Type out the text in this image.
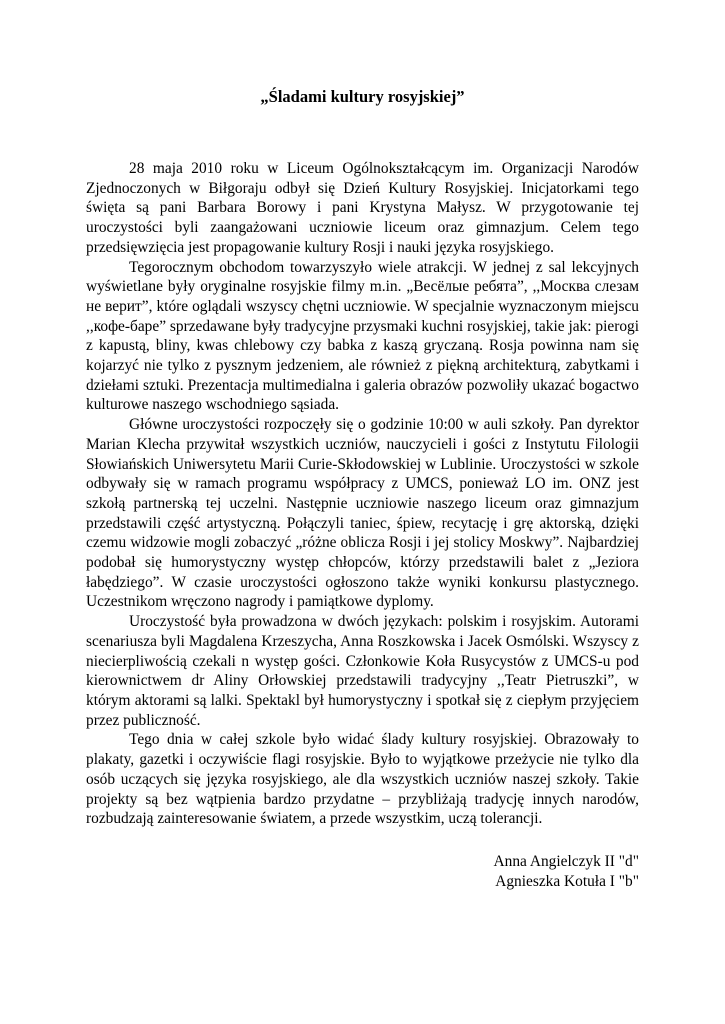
„Śladami kultury rosyjskiej”

28 maja 2010 roku w Liceum Ogólnokształcącym im. Organizacji Narodów Zjednoczonych w Biłgoraju odbył się Dzień Kultury Rosyjskiej. Inicjatorkami tego święta są pani Barbara Borowy i pani Krystyna Małysz. W przygotowanie tej uroczystości byli zaangażowani uczniowie liceum oraz gimnazjum. Celem tego przedsięwzięcia jest propagowanie kultury Rosji i nauki języka rosyjskiego.

Tegorocznym obchodom towarzyszyło wiele atrakcji. W jednej z sal lekcyjnych wyświetlane były oryginalne rosyjskie filmy m.in. „Весёлые ребята”, ,,Москва слезам не верит”, które oglądali wszyscy chętni uczniowie. W specjalnie wyznaczonym miejscu ,,кофе-баре” sprzedawane były tradycyjne przysmaki kuchni rosyjskiej, takie jak: pierogi z kapustą, bliny, kwas chlebowy czy babka z kaszą gryczaną. Rosja powinna nam się kojarzyć nie tylko z pysznym jedzeniem, ale również z piękną architekturą, zabytkami i dziełami sztuki. Prezentacja multimedialna i galeria obrazów pozwoliły ukazać bogactwo kulturowe naszego wschodniego sąsiada.

Główne uroczystości rozpoczęły się o godzinie 10:00 w auli szkoły. Pan dyrektor Marian Klecha przywitał wszystkich uczniów, nauczycieli i gości z Instytutu Filologii Słowiańskich Uniwersytetu Marii Curie-Skłodowskiej w Lublinie. Uroczystości w szkole odbywały się w ramach programu współpracy z UMCS, ponieważ LO im. ONZ jest szkołą partnerską tej uczelni. Następnie uczniowie naszego liceum oraz gimnazjum przedstawili część artystyczną. Połączyli taniec, śpiew, recytację i grę aktorską, dzięki czemu widzowie mogli zobaczyć „różne oblicza Rosji i jej stolicy Moskwy”. Najbardziej podobał się humorystyczny występ chłopców, którzy przedstawili balet z „Jeziora łabędziego”. W czasie uroczystości ogłoszono także wyniki konkursu plastycznego. Uczestnikom wręczono nagrody i pamiątkowe dyplomy.

Uroczystość była prowadzona w dwóch językach: polskim i rosyjskim. Autorami scenariusza byli Magdalena Krzeszycha, Anna Roszkowska i Jacek Osmólski. Wszyscy z niecierpliwością czekali n występ gości. Członkowie Koła Rusycystów z UMCS-u pod kierownictwem dr Aliny Orłowskiej przedstawili tradycyjny ,,Teatr Pietruszki”, w którym aktorami są lalki. Spektakl był humorystyczny i spotkał się z ciepłym przyjęciem przez publiczność.

Tego dnia w całej szkole było widać ślady kultury rosyjskiej. Obrazowały to plakaty, gazetki i oczywiście flagi rosyjskie. Było to wyjątkowe przeżycie nie tylko dla osób uczących się języka rosyjskiego, ale dla wszystkich uczniów naszej szkoły. Takie projekty są bez wątpienia bardzo przydatne – przybliżają tradycję innych narodów, rozbudzają zainteresowanie światem, a przede wszystkim, uczą tolerancji.

Anna Angielczyk II "d"
Agnieszka Kotuła I "b"
